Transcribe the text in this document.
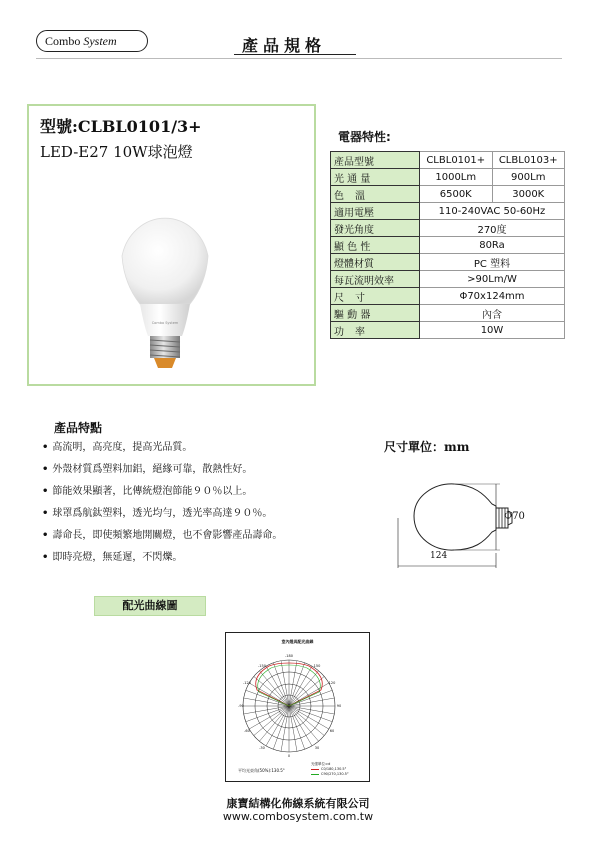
Combo System	產品規格
型號:CLBL0101/3+
LED-E27 10W球泡燈
Combo System
電器特性:
產品型號	CLBL0101+	CLBL0103+
光 通 量	1000Lm	900Lm
色溫	6500K	3000K
適用電壓	110-240VAC 50-60Hz	
發光角度	270度	
顯 色 性	80Ra	
燈體材質	PC 塑料	
每瓦流明效率	>90Lm/W	
尺寸	Φ70x124mm	
驅 動 器	內含	
功率	10W	
產品特點
• 高流明，高亮度，提高光品質。
• 外殼材質爲塑料加鋁，絕緣可靠，散熱性好。
• 節能效果顯著，比傳統燈泡節能９０％以上。
• 球罩爲航鈦塑料，透光均勻，透光率高達９０％。
• 壽命長，即使頻繁地開關燈，也不會影響產品壽命。
• 即時亮燈，無延遲，不閃爍。
尺寸單位：mm
Φ70
124
配光曲線圖
室內燈具配光曲線
-180
-150	150
-120	120
-90	90
-60	60
-30	30
0
平均光束角(50%):130.5°
光強單位:cd
C0/180,130.5°
C90/270,130.5°
康寶結構化佈線系統有限公司
www.combosystem.com.tw
